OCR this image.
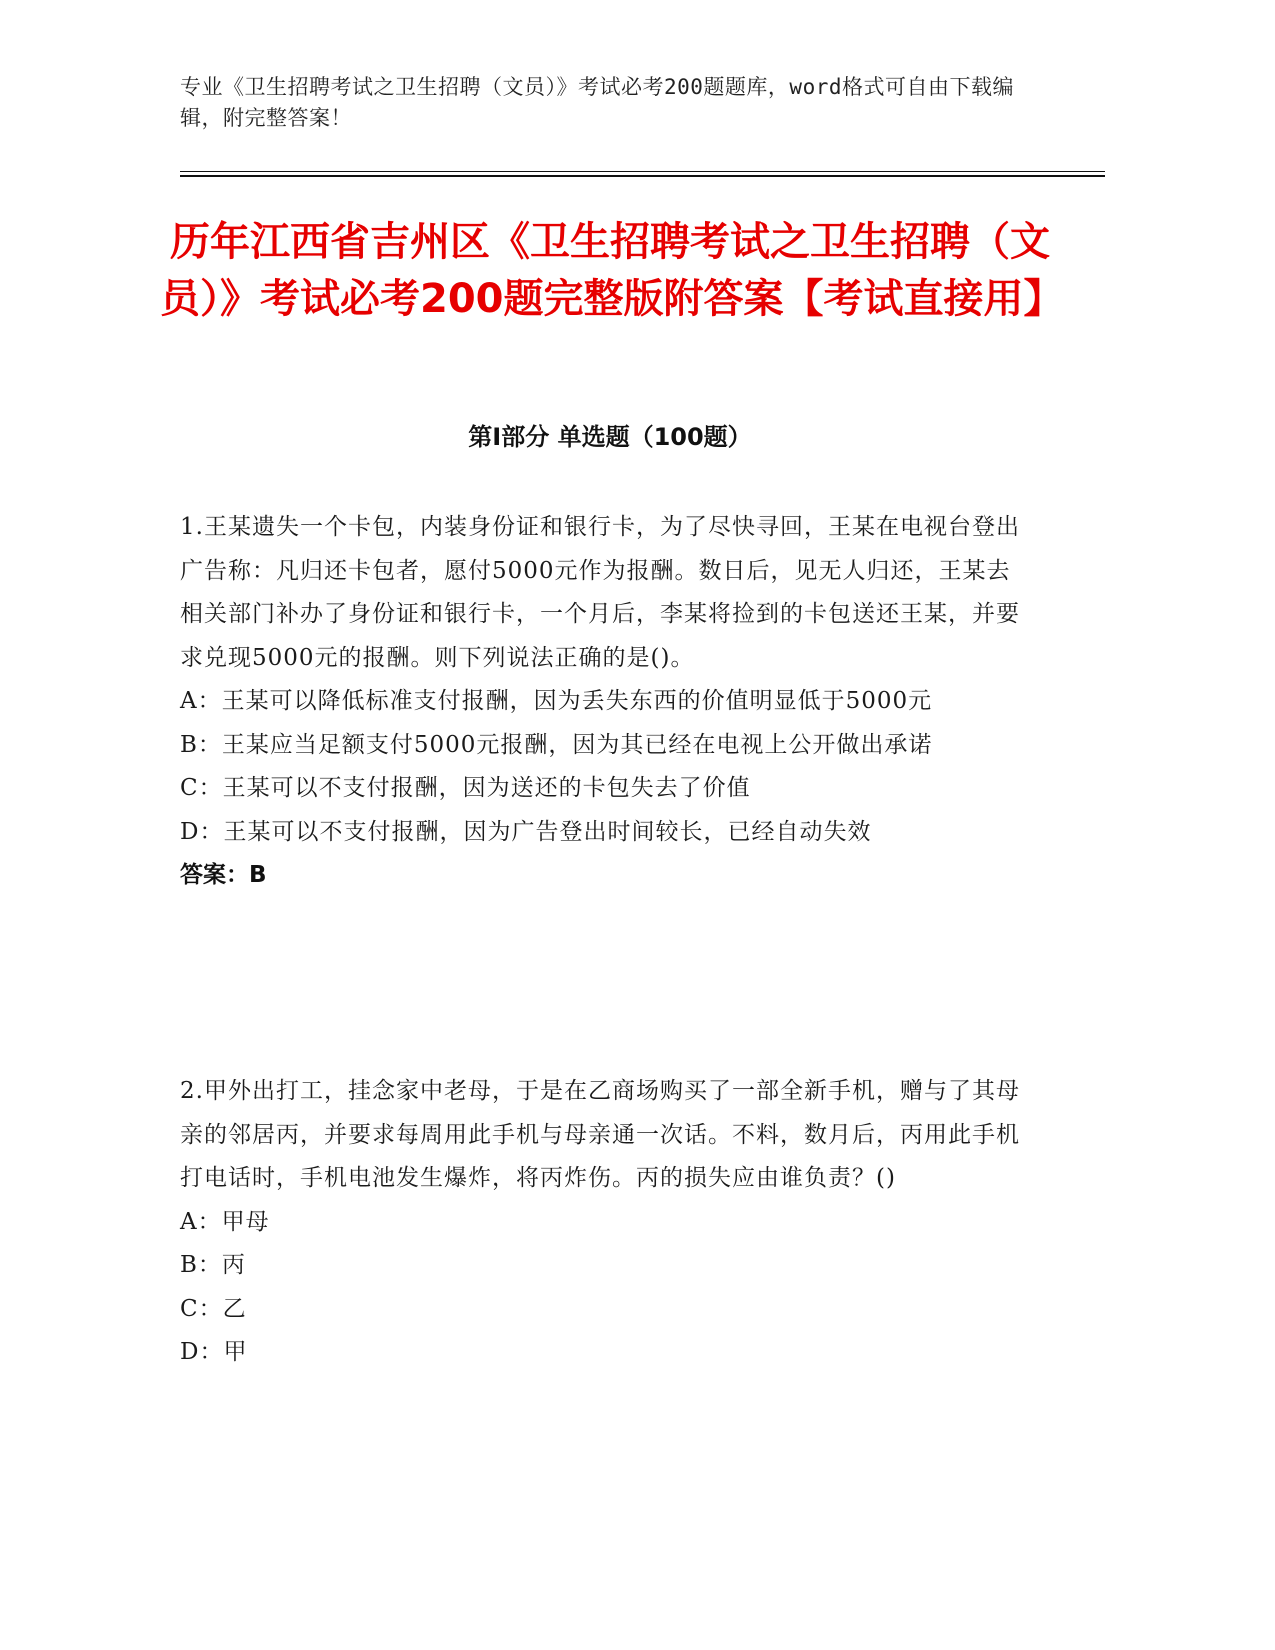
专业《卫生招聘考试之卫生招聘（文员）》考试必考200题题库，word格式可自由下载编辑，附完整答案！
历年江西省吉州区《卫生招聘考试之卫生招聘（文员）》考试必考200题完整版附答案【考试直接用】
第Ⅰ部分 单选题（100题）

1.王某遗失一个卡包，内装身份证和银行卡，为了尽快寻回，王某在电视台登出广告称：凡归还卡包者，愿付5000元作为报酬。数日后，见无人归还，王某去相关部门补办了身份证和银行卡，一个月后，李某将捡到的卡包送还王某，并要求兑现5000元的报酬。则下列说法正确的是()。

A：王某可以降低标准支付报酬，因为丢失东西的价值明显低于5000元

B：王某应当足额支付5000元报酬，因为其已经在电视上公开做出承诺

C：王某可以不支付报酬，因为送还的卡包失去了价值

D：王某可以不支付报酬，因为广告登出时间较长，已经自动失效

答案：B

2.甲外出打工，挂念家中老母，于是在乙商场购买了一部全新手机，赠与了其母亲的邻居丙，并要求每周用此手机与母亲通一次话。不料，数月后，丙用此手机打电话时，手机电池发生爆炸，将丙炸伤。丙的损失应由谁负责？()

A：甲母

B：丙

C：乙

D：甲
